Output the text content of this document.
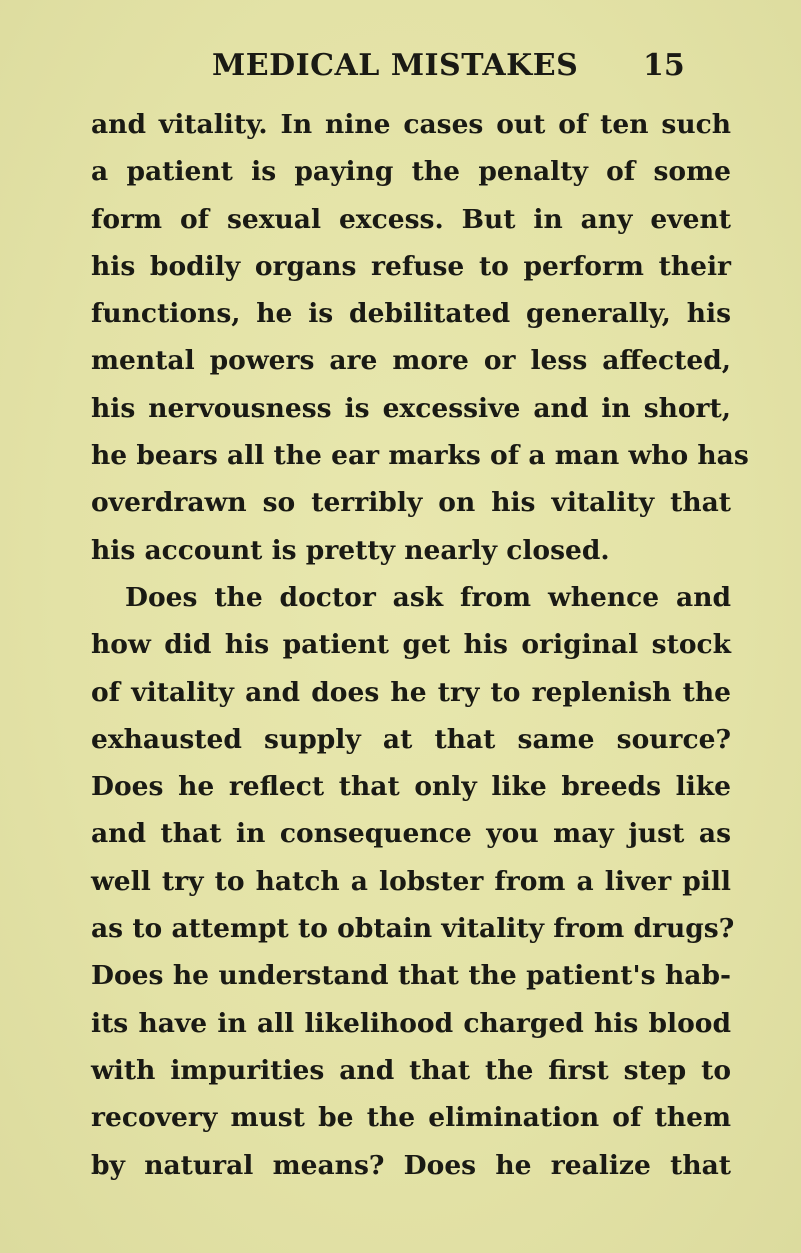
MEDICAL MISTAKES 15
and vitality. In nine cases out of ten such
a patient is paying the penalty of some
form of sexual excess. But in any event
his bodily organs refuse to perform their
functions, he is debilitated generally, his
mental powers are more or less affected,
his nervousness is excessive and in short,
he bears all the ear marks of a man who has
overdrawn so terribly on his vitality that
his account is pretty nearly closed.
Does the doctor ask from whence and
how did his patient get his original stock
of vitality and does he try to replenish the
exhausted supply at that same source?
Does he reflect that only like breeds like
and that in consequence you may just as
well try to hatch a lobster from a liver pill
as to attempt to obtain vitality from drugs?
Does he understand that the patient's hab-
its have in all likelihood charged his blood
with impurities and that the first step to
recovery must be the elimination of them
by natural means? Does he realize that
